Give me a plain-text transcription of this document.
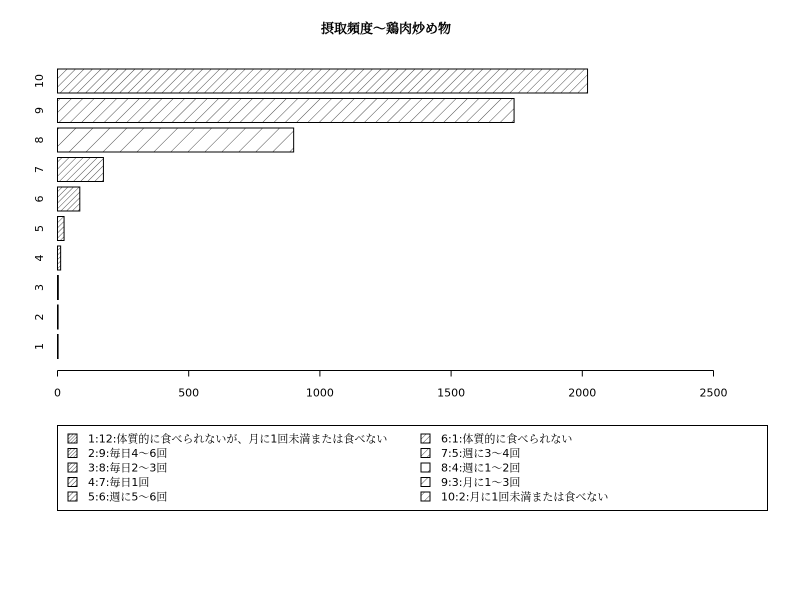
摂取頻度～鶏肉炒め物
1
2
3
4
5
6
7
8
9
10
0	500	1000	1500	2000	2500
1:12:体質的に食べられないが、月に1回未満または食べない
2:9:毎日4～6回
3:8:毎日2～3回
4:7:毎日1回
5:6:週に5～6回
6:1:体質的に食べられない
7:5:週に3～4回
8:4:週に1～2回
9:3:月に1～3回
10:2:月に1回未満または食べない
